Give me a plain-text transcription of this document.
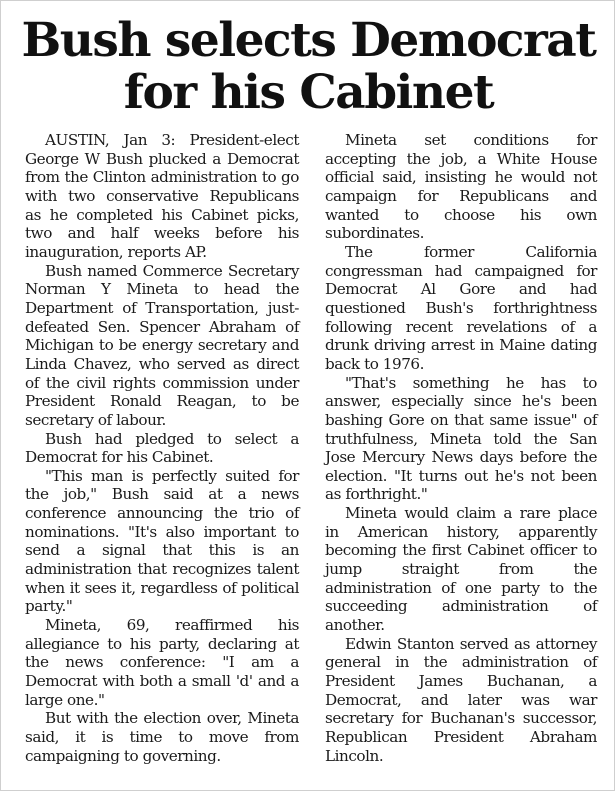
Bush selects Democrat
for his Cabinet

AUSTIN, Jan 3: President-elect George W Bush plucked a Democrat from the Clinton administration to go with two conservative Republicans as he completed his Cabinet picks, two and half weeks before his inauguration, reports AP.

Bush named Commerce Secretary Norman Y Mineta to head the Department of Transportation, just-defeated Sen. Spencer Abraham of Michigan to be energy secretary and Linda Chavez, who served as direct of the civil rights commission under President Ronald Reagan, to be secretary of labour.

Bush had pledged to select a Democrat for his Cabinet.

"This man is perfectly suited for the job," Bush said at a news conference announcing the trio of nominations. "It's also important to send a signal that this is an administration that recognizes talent when it sees it, regardless of political party."

Mineta, 69, reaffirmed his allegiance to his party, declaring at the news conference: "I am a Democrat with both a small 'd' and a large one."

But with the election over, Mineta said, it is time to move from campaigning to governing.

Mineta set conditions for accepting the job, a White House official said, insisting he would not campaign for Republicans and wanted to choose his own subordinates.

The former California congressman had campaigned for Democrat Al Gore and had questioned Bush's forthrightness following recent revelations of a drunk driving arrest in Maine dating back to 1976.

"That's something he has to answer, especially since he's been bashing Gore on that same issue" of truthfulness, Mineta told the San Jose Mercury News days before the election. "It turns out he's not been as forthright."

Mineta would claim a rare place in American history, apparently becoming the first Cabinet officer to jump straight from the administration of one party to the succeeding administration of another.

Edwin Stanton served as attorney general in the administration of President James Buchanan, a Democrat, and later was war secretary for Buchanan's successor, Republican President Abraham Lincoln.
